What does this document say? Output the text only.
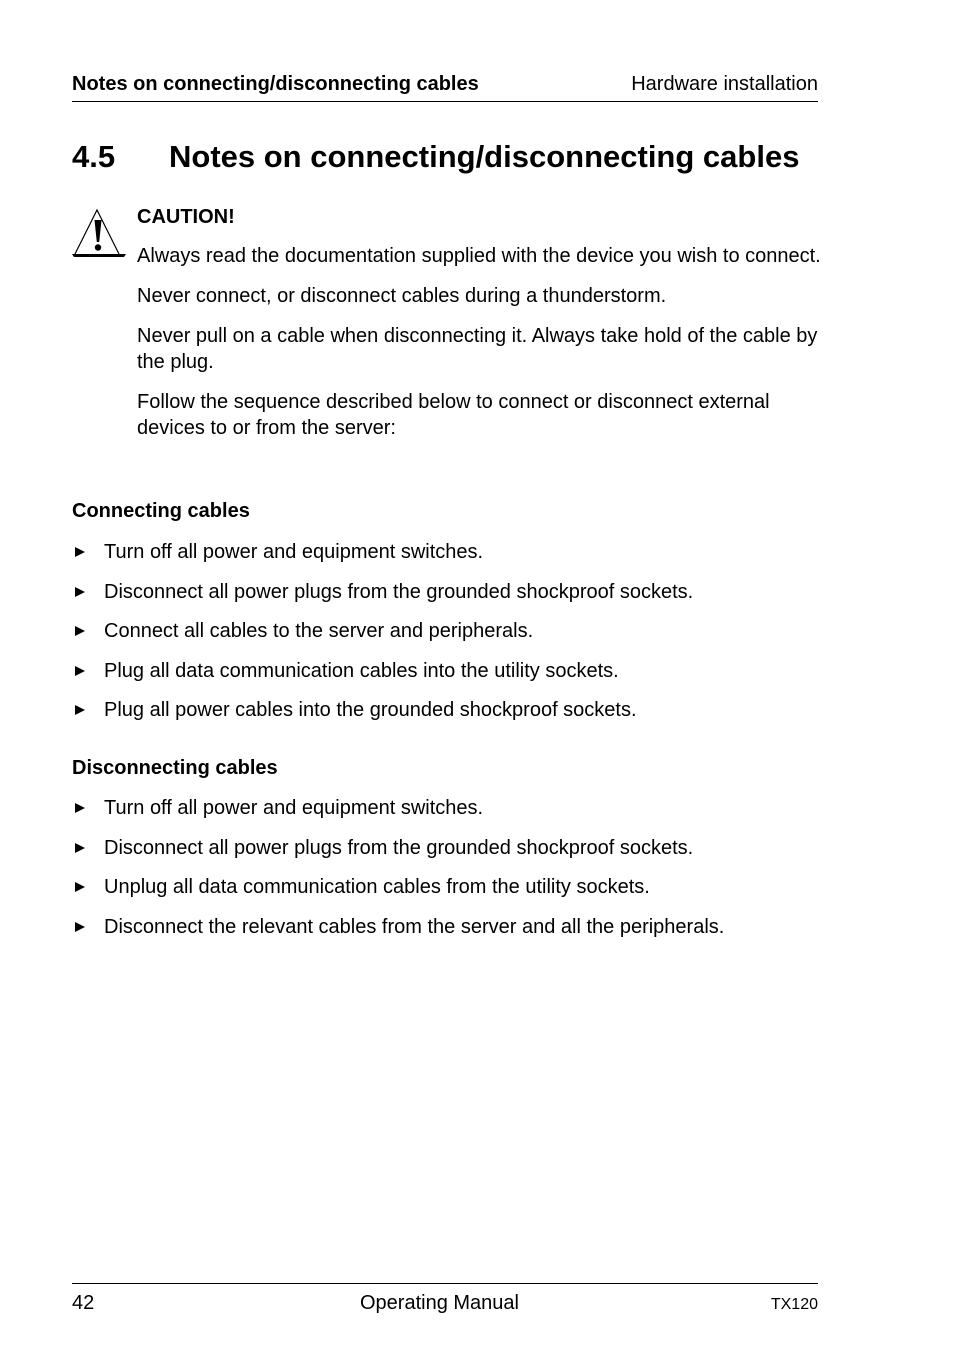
Notes on connecting/disconnecting cables	Hardware installation
4.5 Notes on connecting/disconnecting cables
CAUTION!

Always read the documentation supplied with the device you wish to connect.

Never connect, or disconnect cables during a thunderstorm.

Never pull on a cable when disconnecting it. Always take hold of the cable by the plug.

Follow the sequence described below to connect or disconnect external devices to or from the server:

Connecting cables
Turn off all power and equipment switches.
Disconnect all power plugs from the grounded shockproof sockets.
Connect all cables to the server and peripherals.
Plug all data communication cables into the utility sockets.
Plug all power cables into the grounded shockproof sockets.
Disconnecting cables
Turn off all power and equipment switches.
Disconnect all power plugs from the grounded shockproof sockets.
Unplug all data communication cables from the utility sockets.
Disconnect the relevant cables from the server and all the peripherals.
42	Operating Manual	TX120
